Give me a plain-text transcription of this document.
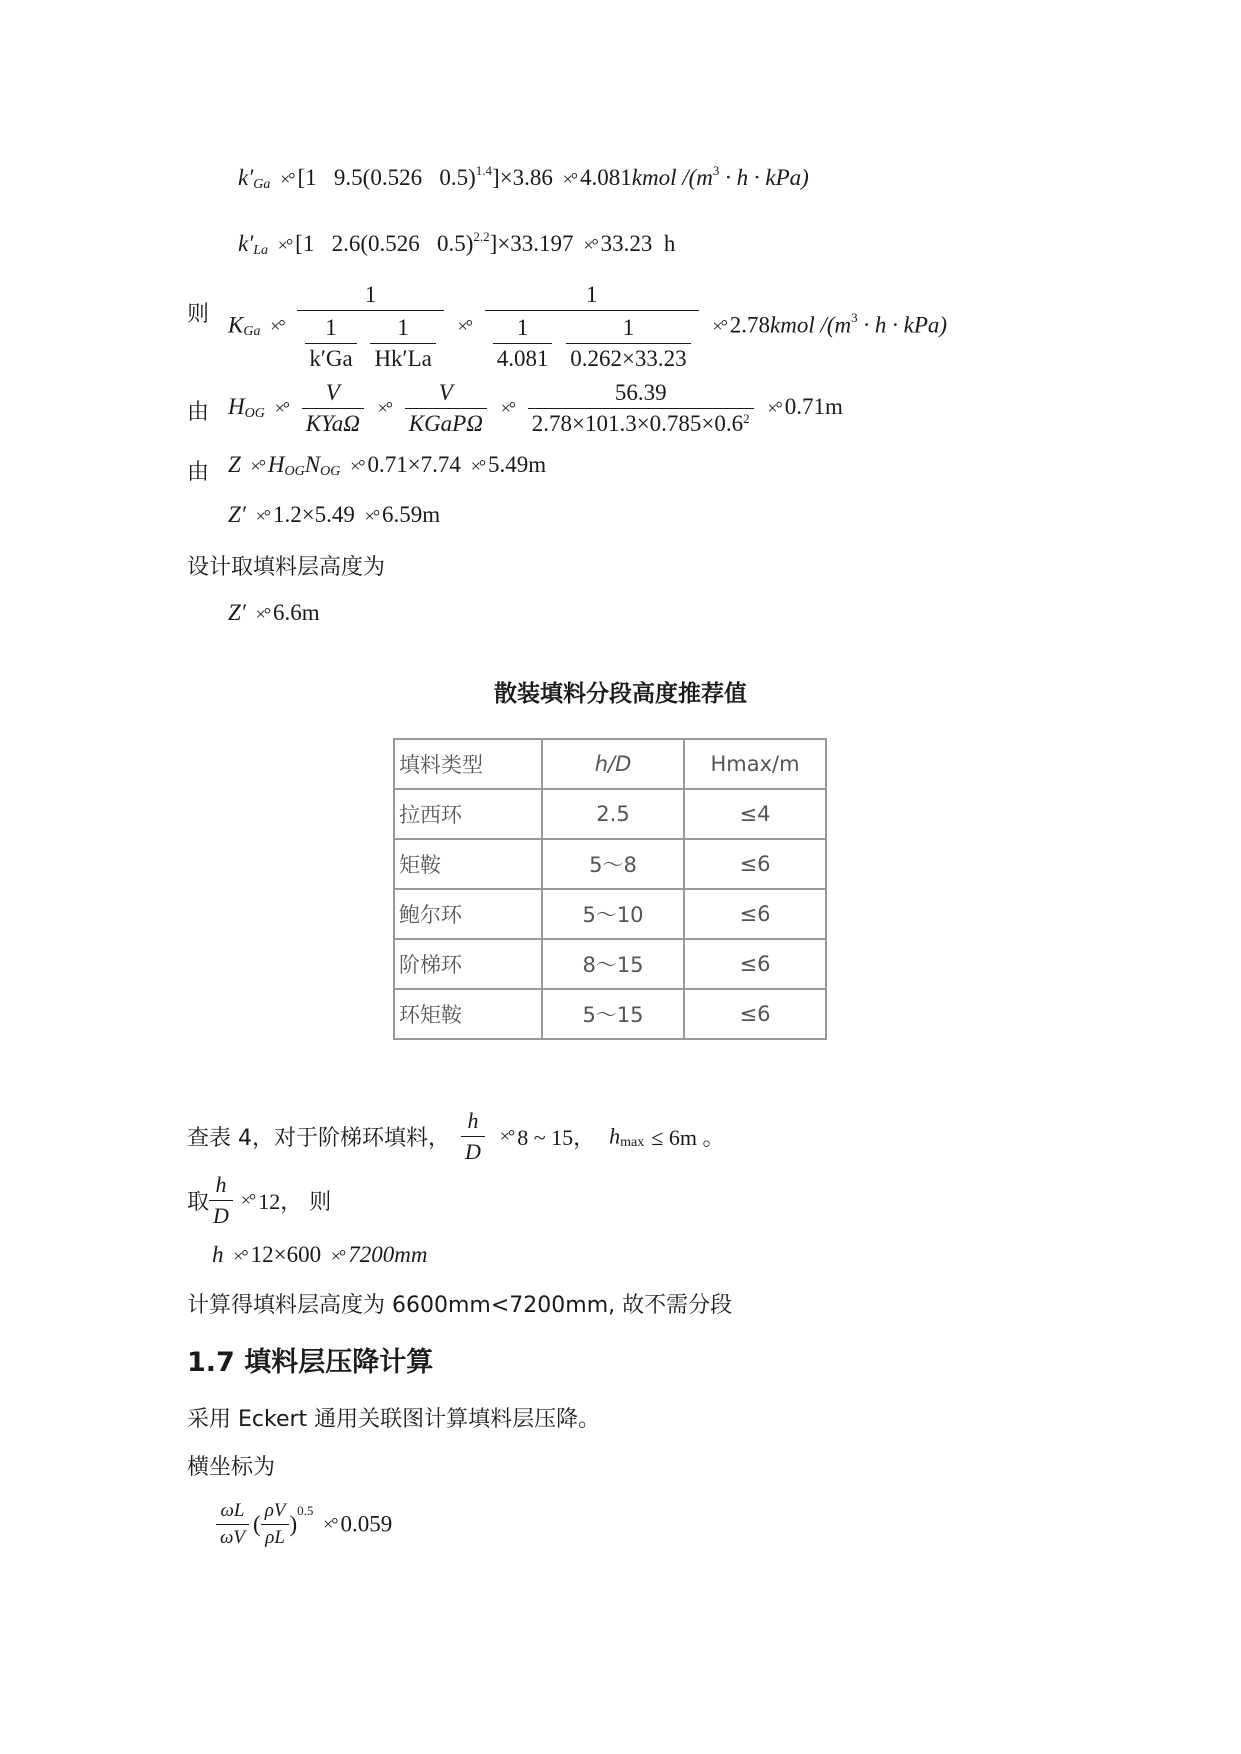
k′Ga ×° [1 9.5(0.526 0.5)$^{1.4}$]×3.86 ×° 4.081kmol $/(m^3 \cdot h \cdot kPa)$
k′La ×° [1 2.6(0.526 0.5)$^{2.2}$]×33.197 ×° 33.23 h
则 KGa ×° 1
$\frac{1}{k'Ga}$
$\frac{1}{Hk'La}$ ×° 1
$\frac{1}{4.081}$
$\frac{1}{0.262\times 33.23}$ ×° 2.78kmol $/(m^3 \cdot h \cdot kPa)$
由 HOG ×° $\frac{V}{\text{KYaΩ}}$ ×° $\frac{V}{\text{KGaPΩ}}$ ×° $\frac{56.39}{2.78\times 101.3\times 0.785\times 0.6^2}$ ×° 0.71m
由 Z ×° HOGNOG ×° 0.71×7.74 ×° 5.49m
Z′ ×° 1.2×5.49 ×° 6.59m
设计取填料层高度为
Z′ ×° 6.6m
散装填料分段高度推荐值
填料类型	h/D	Hmax/m
拉西环	2.5	≤4
矩鞍	5～8	≤6
鲍尔环	5～10	≤6
阶梯环	8～15	≤6
环矩鞍	5～15	≤6
查表 4，对于阶梯环填料， $\frac{h}{D}$ ×° 8 ~ 15， hmax ≤ 6m 。
取 $\frac{h}{D}$ ×° 12， 则
h ×° 12×600 ×° 7200mm
计算得填料层高度为 6600mm<7200mm, 故不需分段
1.7 填料层压降计算
采用 Eckert 通用关联图计算填料层压降。
横坐标为
$\frac{\omega L}{\omega V}$ ( $\frac{\rho V}{\rho L} )^{0.5}$ ×° 0.059
